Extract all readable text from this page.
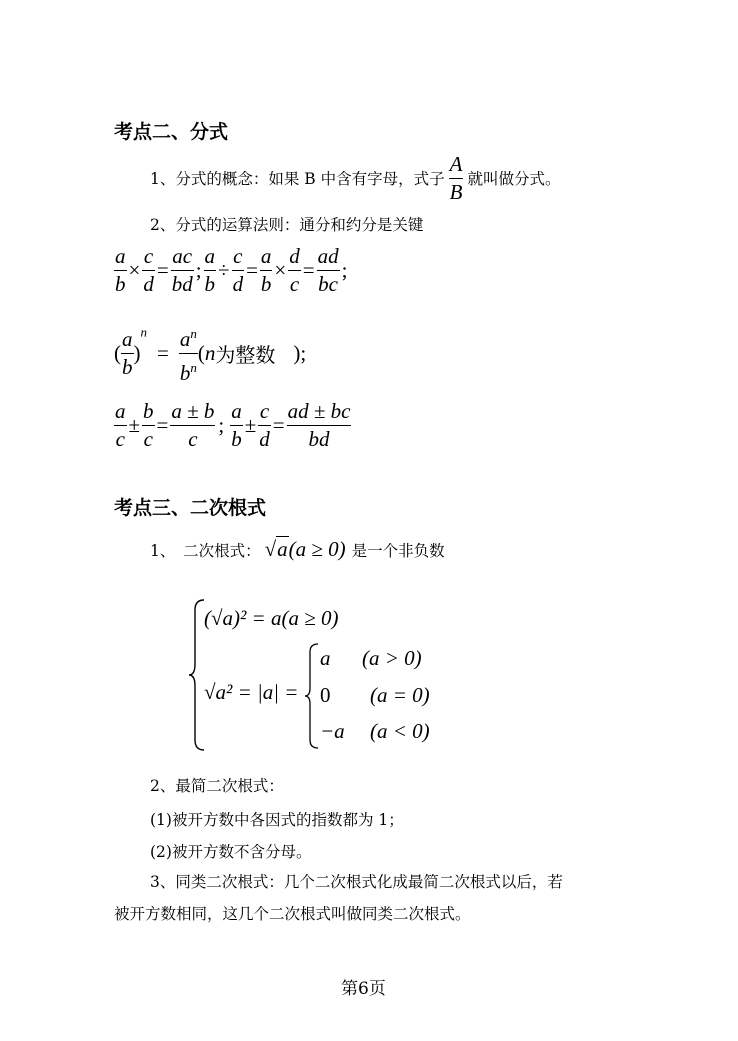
考点二、分式
1、分式的概念：如果 B 中含有字母，式子 $\frac{A}{B}$ 就叫做分式。
2、分式的运算法则：通分和约分是关键
$\frac{a}{b} \times \frac{c}{d} = \frac{ac}{bd}$ ; $\frac{a}{b} \div \frac{c}{d} = \frac{a}{b} \times \frac{d}{c} = \frac{ad}{bc}$ ;
( $\frac{a}{b} )^n= \frac{a^n}{b^n} (n$为整数 );
$\frac{a}{c} \pm \frac{b}{c} = \frac{a \pm b}{c}$ ; $\frac{a}{b} \pm \frac{c}{d} = \frac{ad \pm bc}{bd}$
考点三、二次根式
1、　二次根式： √a (a ≥ 0) 是一个非负数
(√a)² = a(a ≥ 0)
√a² = |a| =
a (a > 0)
0 (a = 0)
−a (a < 0)
2、最简二次根式：
(1)被开方数中各因式的指数都为 1；
(2)被开方数不含分母。
3、同类二次根式：几个二次根式化成最简二次根式以后，若
被开方数相同，这几个二次根式叫做同类二次根式。
第6页
